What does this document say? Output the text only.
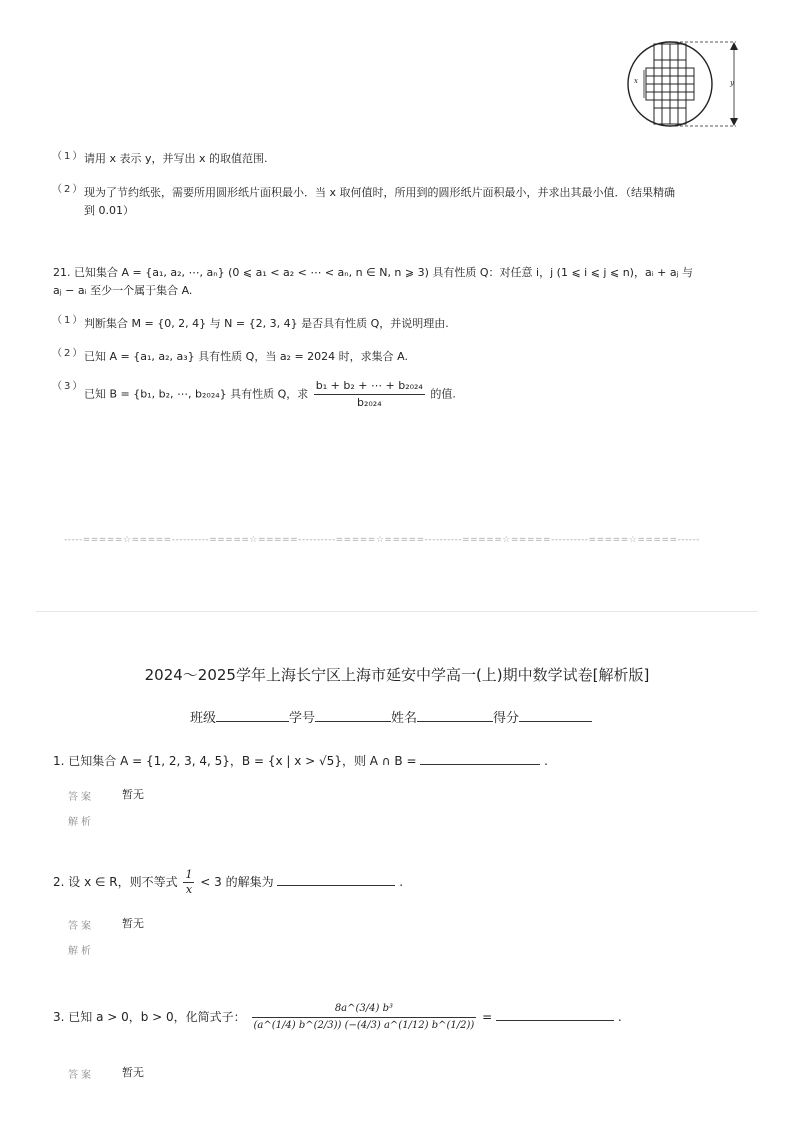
x	y
（1） 请用 x 表示 y，并写出 x 的取值范围.
（2） 现为了节约纸张，需要所用圆形纸片面积最小．当 x 取何值时，所用到的圆形纸片面积最小，并求出其最小值．（结果精确
到 0.01）
21. 已知集合 A = {a₁, a₂, ⋯, aₙ} (0 ⩽ a₁ < a₂ < ⋯ < aₙ, n ∈ N, n ⩾ 3) 具有性质 Q：对任意 i，j (1 ⩽ i ⩽ j ⩽ n)，aᵢ + aⱼ 与
aⱼ − aᵢ 至少一个属于集合 A.
（1） 判断集合 M = {0, 2, 4} 与 N = {2, 3, 4} 是否具有性质 Q，并说明理由.
（2） 已知 A = {a₁, a₂, a₃} 具有性质 Q，当 a₂ = 2024 时，求集合 A.
（3）
已知 B = {b₁, b₂, ⋯, b₂₀₂₄} 具有性质 Q，求 $\frac{\text{b₁ + b₂ + ⋯ + b₂₀₂₄}}{\text{b₂₀₂₄}}$ 的值.
-----=====☆=====----------=====☆=====----------=====☆=====----------=====☆=====----------=====☆=====------
2024～2025学年上海长宁区上海市延安中学高一(上)期中数学试卷[解析版]
班级	学号	姓名	得分
1. 已知集合 A = {1, 2, 3, 4, 5}，B = {x | x > √5}，则 A ∩ B =	.
答案	暂无
解析
2. 设 x ∈ R，则不等式 $\frac{1}{x} < 3$ 的解集为	.
答案	暂无
解析
3. 已知 a > 0，b > 0，化简式子： $\frac{\text{8a\textasciicircum{}(3/4) b³}}{(a\^{}(1/4) b\^{}(2/3)) (-(4/3) a\^{}(1/12) b\^{}(1/2))}$ =	.
答案	暂无
